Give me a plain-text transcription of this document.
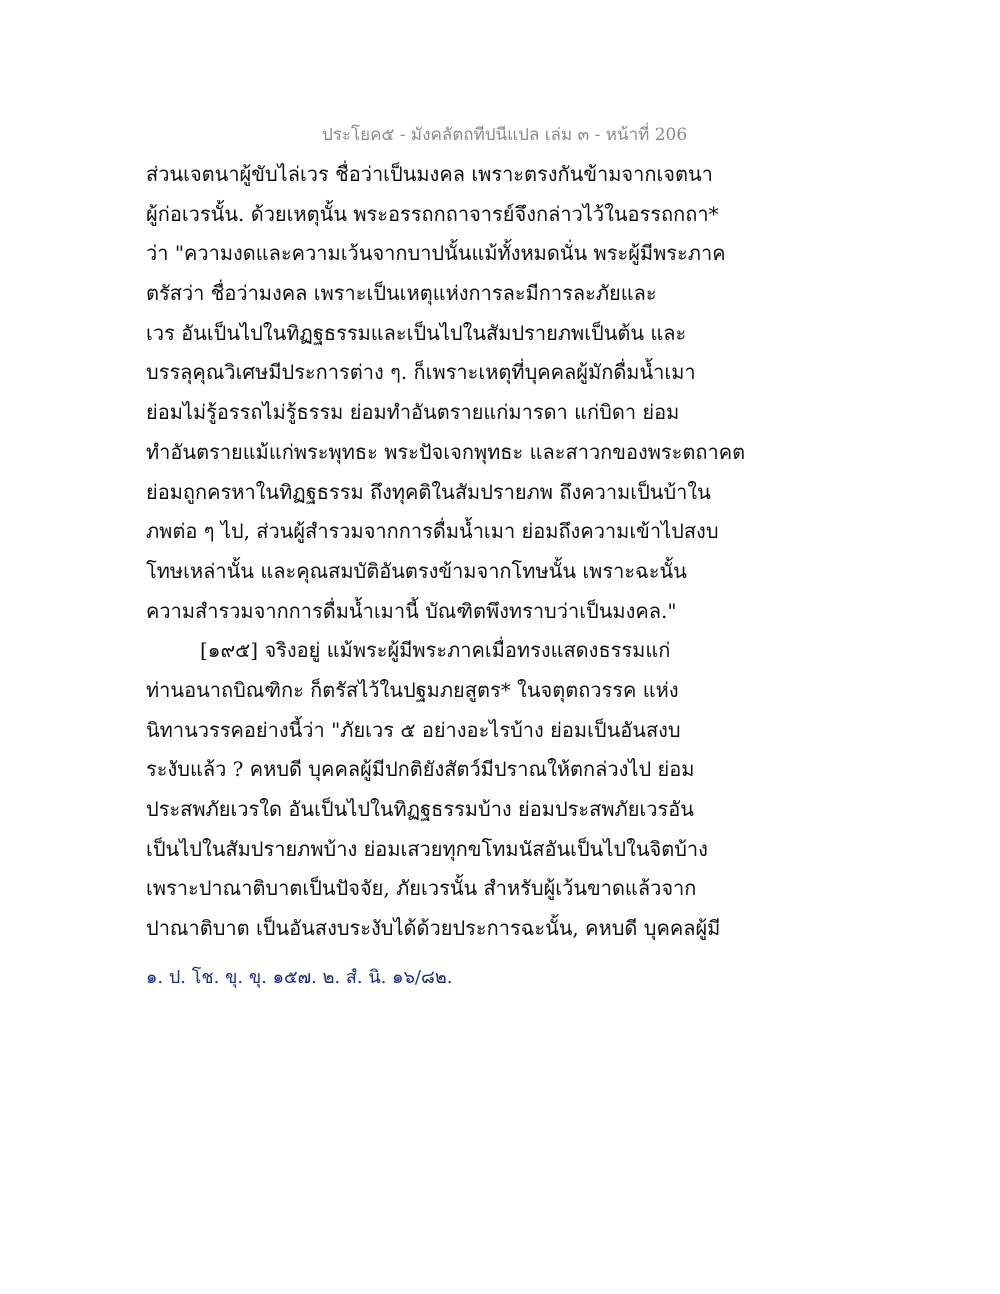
ประโยค๕ - มังคลัตถทีปนีแปล เล่ม ๓ - หน้าที่ 206
ส่วนเจตนาผู้ขับไล่เวร ชื่อว่าเป็นมงคล เพราะตรงกันข้ามจากเจตนา
ผู้ก่อเวรนั้น. ด้วยเหตุนั้น พระอรรถกถาจารย์จึงกล่าวไว้ในอรรถกถา*
ว่า "ความงดและความเว้นจากบาปนั้นแม้ทั้งหมดนั่น พระผู้มีพระภาค
ตรัสว่า ชื่อว่ามงคล เพราะเป็นเหตุแห่งการละมีการละภัยและ
เวร อันเป็นไปในทิฏฐธรรมและเป็นไปในสัมปรายภพเป็นต้น และ
บรรลุคุณวิเศษมีประการต่าง ๆ. ก็เพราะเหตุที่บุคคลผู้มักดื่มน้ำเมา
ย่อมไม่รู้อรรถไม่รู้ธรรม ย่อมทำอันตรายแก่มารดา แก่บิดา ย่อม
ทำอันตรายแม้แก่พระพุทธะ พระปัจเจกพุทธะ และสาวกของพระตถาคต
ย่อมถูกครหาในทิฏฐธรรม ถึงทุคติในสัมปรายภพ ถึงความเป็นบ้าใน
ภพต่อ ๆ ไป, ส่วนผู้สำรวมจากการดื่มน้ำเมา ย่อมถึงความเข้าไปสงบ
โทษเหล่านั้น และคุณสมบัติอันตรงข้ามจากโทษนั้น เพราะฉะนั้น
ความสำรวมจากการดื่มน้ำเมานี้ บัณฑิตพึงทราบว่าเป็นมงคล."
[๑๙๕] จริงอยู่ แม้พระผู้มีพระภาคเมื่อทรงแสดงธรรมแก่
ท่านอนาถบิณฑิกะ ก็ตรัสไว้ในปฐมภยสูตร* ในจตุตถวรรค แห่ง
นิทานวรรคอย่างนี้ว่า "ภัยเวร ๕ อย่างอะไรบ้าง ย่อมเป็นอันสงบ
ระงับแล้ว ? คหบดี บุคคลผู้มีปกติยังสัตว์มีปราณให้ตกล่วงไป ย่อม
ประสพภัยเวรใด อันเป็นไปในทิฏฐธรรมบ้าง ย่อมประสพภัยเวรอัน
เป็นไปในสัมปรายภพบ้าง ย่อมเสวยทุกขโทมนัสอันเป็นไปในจิตบ้าง
เพราะปาณาติบาตเป็นปัจจัย, ภัยเวรนั้น สำหรับผู้เว้นขาดแล้วจาก
ปาณาติบาต เป็นอันสงบระงับได้ด้วยประการฉะนั้น, คหบดี บุคคลผู้มี
๑. ป. โช. ขุ. ขุ. ๑๕๗. ๒. สํ. นิ. ๑๖/๘๒.
